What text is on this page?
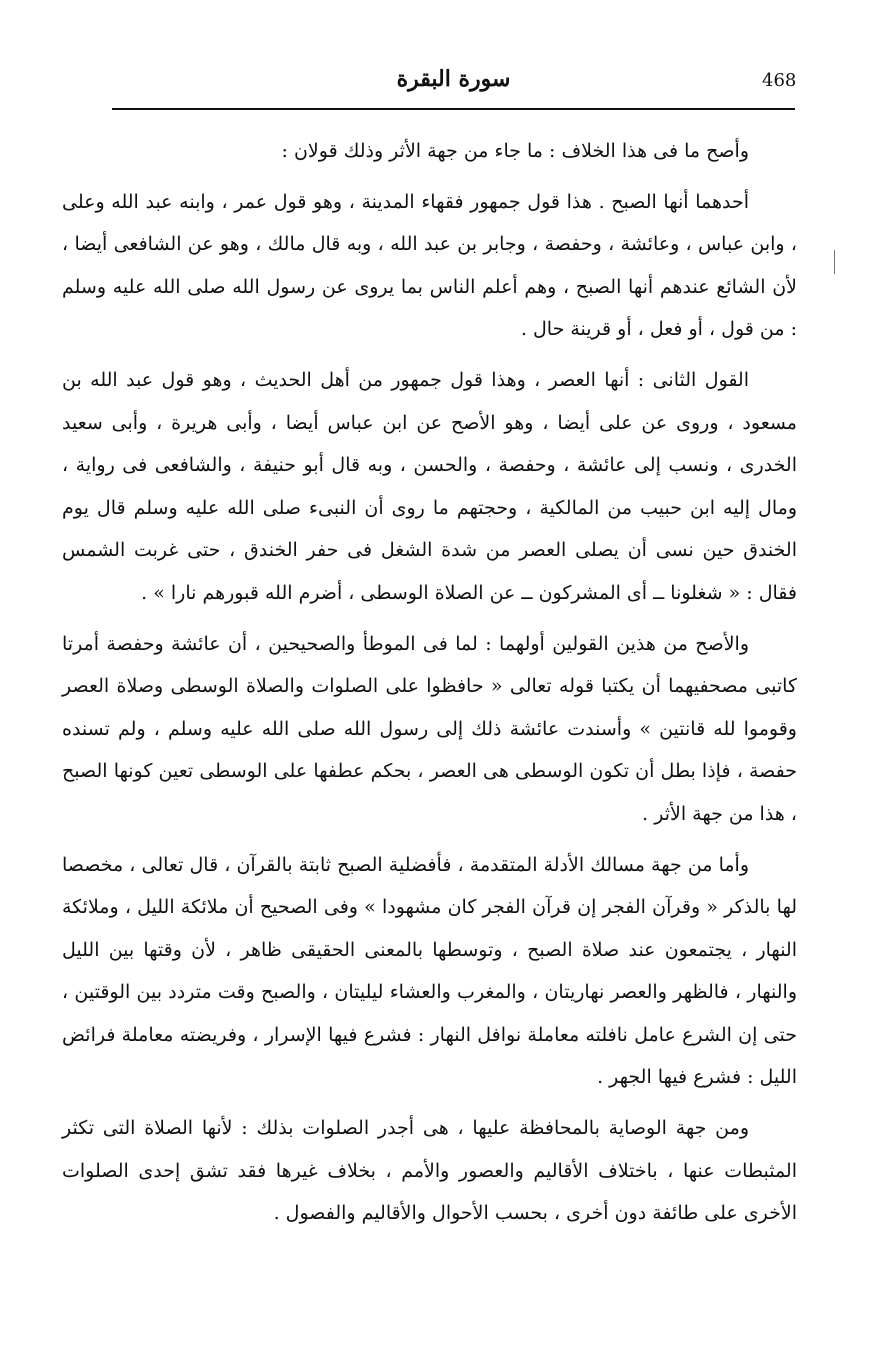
468
سورة البقرة

وأصح ما فى هذا الخلاف : ما جاء من جهة الأثر وذلك قولان :

أحدهما أنها الصبح . هذا قول جمهور فقهاء المدينة ، وهو قول عمر ، وابنه عبد الله وعلى ، وابن عباس ، وعائشة ، وحفصة ، وجابر بن عبد الله ، وبه قال مالك ، وهو عن الشافعى أيضا ، لأن الشائع عندهم أنها الصبح ، وهم أعلم الناس بما يروى عن رسول الله صلى الله عليه وسلم : من قول ، أو فعل ، أو قرينة حال .

القول الثانى : أنها العصر ، وهذا قول جمهور من أهل الحديث ، وهو قول عبد الله بن مسعود ، وروى عن على أيضا ، وهو الأصح عن ابن عباس أيضا ، وأبى هريرة ، وأبى سعيد الخدرى ، ونسب إلى عائشة ، وحفصة ، والحسن ، وبه قال أبو حنيفة ، والشافعى فى رواية ، ومال إليه ابن حبيب من المالكية ، وحجتهم ما روى أن النبىء صلى الله عليه وسلم قال يوم الخندق حين نسى أن يصلى العصر من شدة الشغل فى حفر الخندق ، حتى غربت الشمس فقال : « شغلونا ــ أى المشركون ــ عن الصلاة الوسطى ، أضرم الله قبورهم نارا » .

والأصح من هذين القولين أولهما : لما فى الموطأ والصحيحين ، أن عائشة وحفصة أمرتا كاتبى مصحفيهما أن يكتبا قوله تعالى « حافظوا على الصلوات والصلاة الوسطى وصلاة العصر وقوموا لله قانتين » وأسندت عائشة ذلك إلى رسول الله صلى الله عليه وسلم ، ولم تسنده حفصة ، فإذا بطل أن تكون الوسطى هى العصر ، بحكم عطفها على الوسطى تعين كونها الصبح ، هذا من جهة الأثر .

وأما من جهة مسالك الأدلة المتقدمة ، فأفضلية الصبح ثابتة بالقرآن ، قال تعالى ، مخصصا لها بالذكر « وقرآن الفجر إن قرآن الفجر كان مشهودا » وفى الصحيح أن ملائكة الليل ، وملائكة النهار ، يجتمعون عند صلاة الصبح ، وتوسطها بالمعنى الحقيقى ظاهر ، لأن وقتها بين الليل والنهار ، فالظهر والعصر نهاريتان ، والمغرب والعشاء ليليتان ، والصبح وقت متردد بين الوقتين ، حتى إن الشرع عامل نافلته معاملة نوافل النهار : فشرع فيها الإسرار ، وفريضته معاملة فرائض الليل : فشرع فيها الجهر .

ومن جهة الوصاية بالمحافظة عليها ، هى أجدر الصلوات بذلك : لأنها الصلاة التى تكثر المثبطات عنها ، باختلاف الأقاليم والعصور والأمم ، بخلاف غيرها فقد تشق إحدى الصلوات الأخرى على طائفة دون أخرى ، بحسب الأحوال والأقاليم والفصول .
